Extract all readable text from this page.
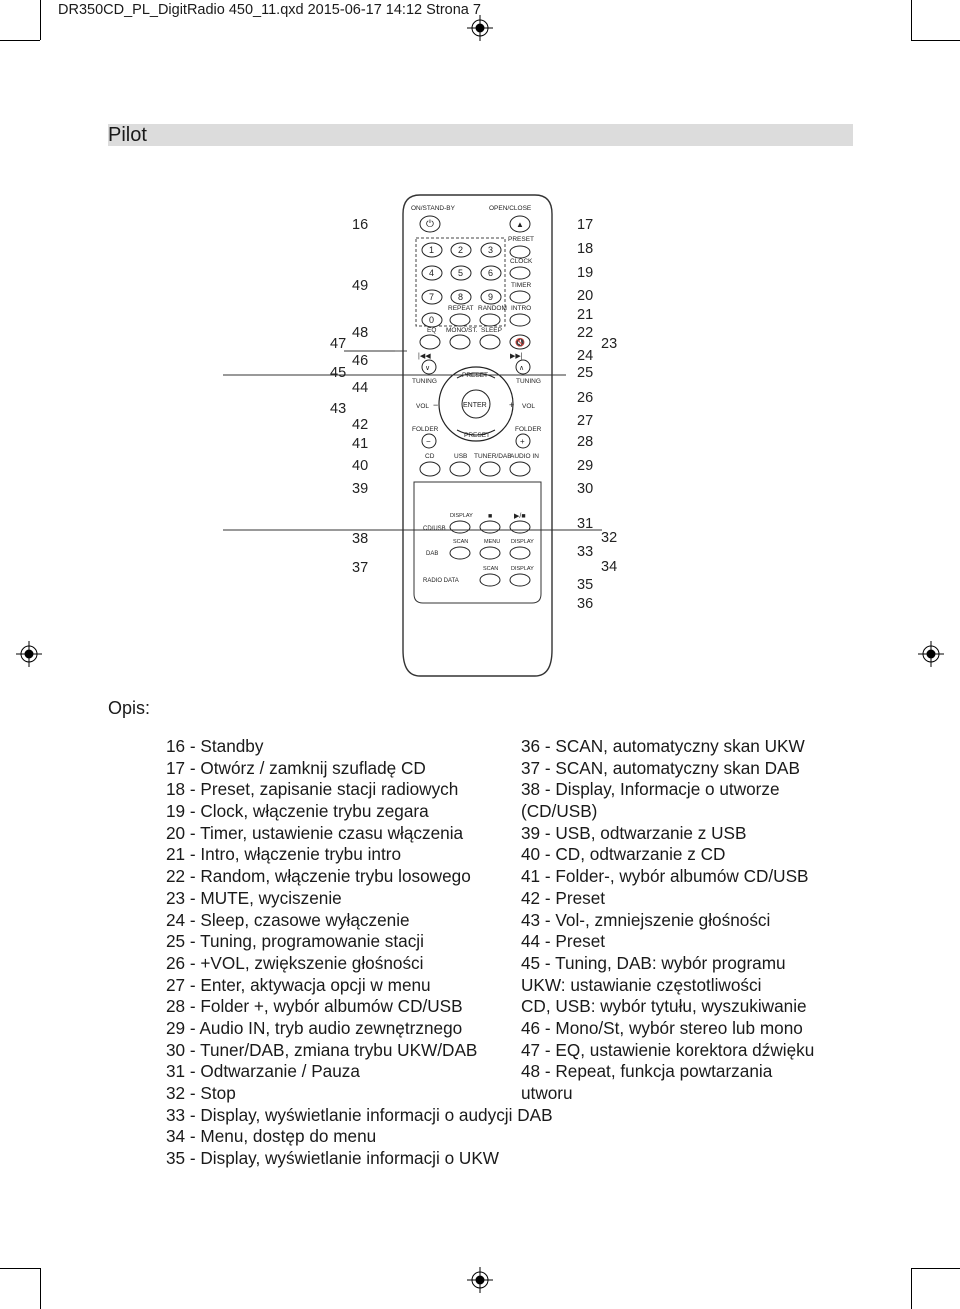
DR350CD_PL_DigitRadio 450_11.qxd 2015-06-17 14:12 Strona 7
Pilot
ON/STAND-BY	OPEN/CLOSE
⏻	▲
1	2	3
4	5	6
7	8	9
0
PRESET
CLOCK
TIMER
REPEAT RANDOM INTRO
EQ MONO/ST. SLEEP
🔇
|◀◀	▶▶|
∨	∧
TUNING	TUNING
PRESET
PRESET
ENTER
VOL −	+ VOL
FOLDER	FOLDER
−	+
CD	USB TUNER/DAB
AUDIO IN
DISPLAY ■	▶/■
CD/USB
SCAN	MENU DISPLAY
DAB
SCAN DISPLAY
RADIO DATA
16
49
48
47
46
45
44
43
42
41
40
39
38
37
17
18
19
20
21
22
23
24
25
26
27
28
29
30
31
32
33
34
35
36
Opis:
16 - Standby
17 - Otwórz / zamknij szufladę CD
18 - Preset, zapisanie stacji radiowych
19 - Clock, włączenie trybu zegara
20 - Timer, ustawienie czasu włączenia
21 - Intro, włączenie trybu intro
22 - Random, włączenie trybu losowego
23 - MUTE, wyciszenie
24 - Sleep, czasowe wyłączenie
25 - Tuning, programowanie stacji
26 - +VOL, zwiększenie głośności
27 - Enter, aktywacja opcji w menu
28 - Folder +, wybór albumów CD/USB
29 - Audio IN, tryb audio zewnętrznego
30 - Tuner/DAB, zmiana trybu UKW/DAB
31 - Odtwarzanie / Pauza
32 - Stop
33 - Display, wyświetlanie informacji o audycji DAB
34 - Menu, dostęp do menu
35 - Display, wyświetlanie informacji o UKW
36 - SCAN, automatyczny skan UKW
37 - SCAN, automatyczny skan DAB
38 - Display, Informacje o utworze
(CD/USB)
39 - USB, odtwarzanie z USB
40 - CD, odtwarzanie z CD
41 - Folder-, wybór albumów CD/USB
42 - Preset
43 - Vol-, zmniejszenie głośności
44 - Preset
45 - Tuning, DAB: wybór programu
UKW: ustawianie częstotliwości
CD, USB: wybór tytułu, wyszukiwanie
46 - Mono/St, wybór stereo lub mono
47 - EQ, ustawienie korektora dźwięku
48 - Repeat, funkcja powtarzania
utworu
